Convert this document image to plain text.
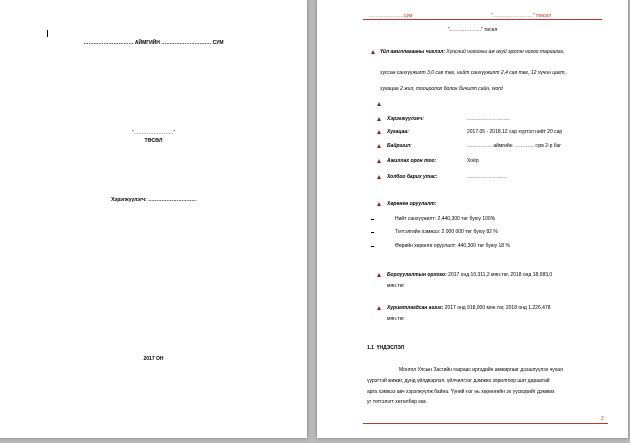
………………………… АЙМГИЙН ………………………… СУМ
"……………………"
ТӨСӨЛ
Хэрэгжүүлэгч: ………………………..
2017 ОН
…………………сум	"……………………" төсөл
"………………." төсөл
Үйл ажиллагааны чиглэл: Хүнсний ногооны аж ахуй эрхлэн ногоо тариалах,
хуссан санхүүжилт 3,0 сая төг, нийт санхүүжилт 2,4 сая төг, 12 хүчин цагт,
хугацаа 2 жил, тооцоолол болон бичилт сайн, word
Хэрэгжүүлэгч:	……………………..
Хугацаа:	2017.05 - 2018.12 сар хүртэл нийт 20 сар
Байршил:	…………… аймгийн ………… сум 2-р баг
Ажиллах орон тоо:	Хоёр
Холбоо барих утас:	……………………
Хөрөнгө оруулалт:
Нийт санхүүжилт: 2,440,300 төг буюу 100%
Төтгэлгийн хэмжээ: 2 000 000 төг буюу 82 %
Өөрийн хөрөнгө оруулалт: 440,300 төг буюу 18 %
Борлуулалтын орлого: 2017 онд 10,311,2 мян.төг, 2018 онд 18,083,0
мян.төг
Хуримтлагдсан ашиг: 2017 онд 918,000 мян.төг, 2018 онд 1,226,478
мян.төг
1.1 ҮНДЭСЛЭЛ
Монгол Улсын Засгийн газраас иргэдийн амжиргааг дээшлүүлэх чухал
үүрэгтэй жижиг, дунд үйлдвэрлэл, үйлчилгээг дэмжих зорилгоор шат дараатай
арга хэмжээ авч хэрэгжүүлж байна. Үүний нэг нь хөрөнгийн эх үүсвэрийг дэмжих
уг төтгэлэгт хөтөлбөр юм.
2
